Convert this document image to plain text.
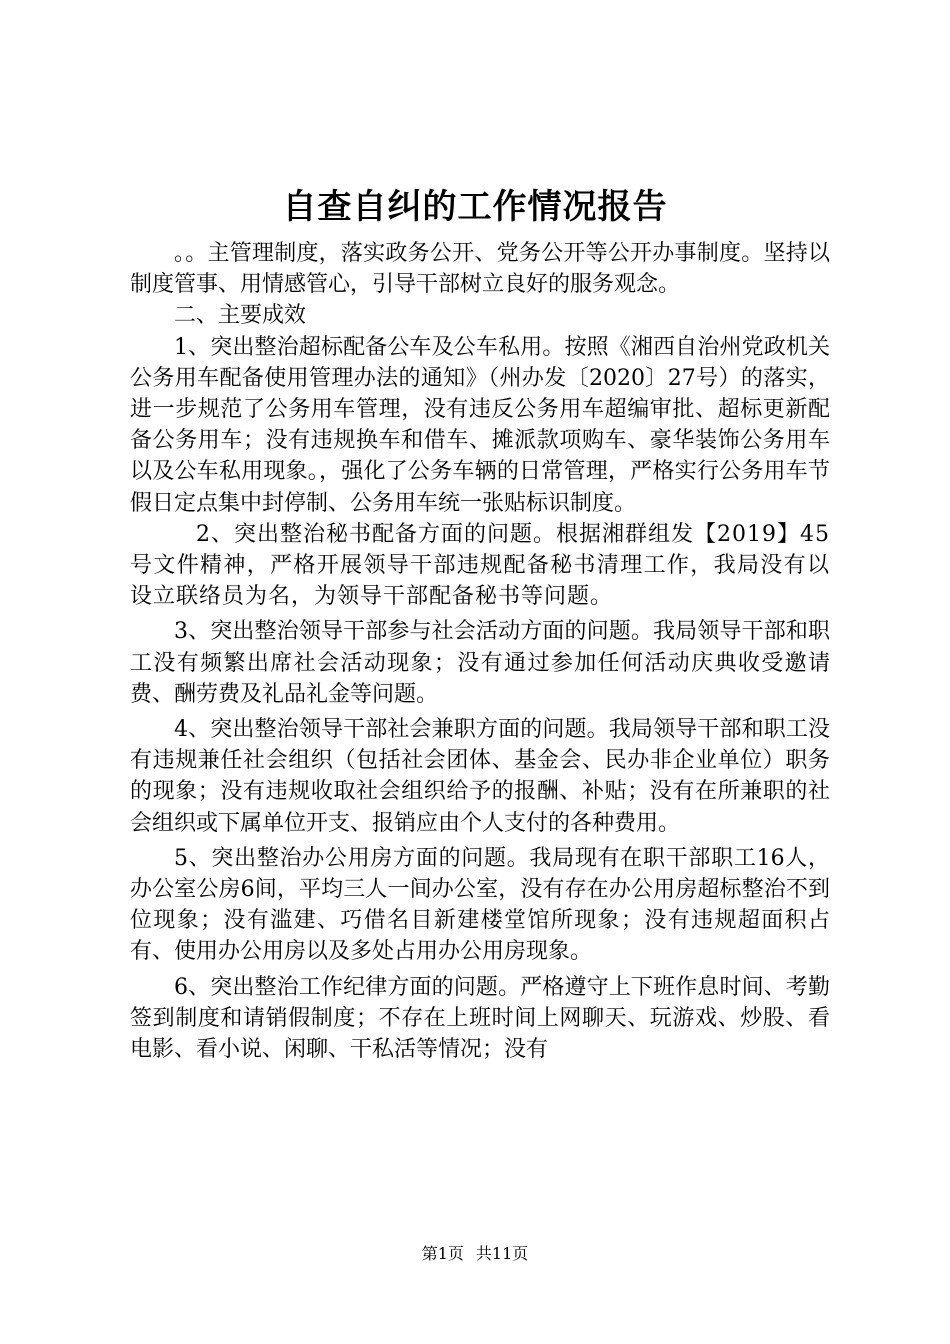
自查自纠的工作情况报告

。。主管理制度，落实政务公开、党务公开等公开办事制度。坚持以制度管事、用情感管心，引导干部树立良好的服务观念。

二、主要成效

1、突出整治超标配备公车及公车私用。按照《湘西自治州党政机关公务用车配备使用管理办法的通知》（州办发〔2020〕27号）的落实，进一步规范了公务用车管理，没有违反公务用车超编审批、超标更新配备公务用车；没有违规换车和借车、摊派款项购车、豪华装饰公务用车以及公车私用现象。，强化了公务车辆的日常管理，严格实行公务用车节假日定点集中封停制、公务用车统一张贴标识制度。

2、突出整治秘书配备方面的问题。根据湘群组发【2019】45号文件精神，严格开展领导干部违规配备秘书清理工作，我局没有以设立联络员为名，为领导干部配备秘书等问题。

3、突出整治领导干部参与社会活动方面的问题。我局领导干部和职工没有频繁出席社会活动现象；没有通过参加任何活动庆典收受邀请费、酬劳费及礼品礼金等问题。

4、突出整治领导干部社会兼职方面的问题。我局领导干部和职工没有违规兼任社会组织（包括社会团体、基金会、民办非企业单位）职务的现象；没有违规收取社会组织给予的报酬、补贴；没有在所兼职的社会组织或下属单位开支、报销应由个人支付的各种费用。

5、突出整治办公用房方面的问题。我局现有在职干部职工16人，办公室公房6间，平均三人一间办公室，没有存在办公用房超标整治不到位现象；没有滥建、巧借名目新建楼堂馆所现象；没有违规超面积占有、使用办公用房以及多处占用办公用房现象。

6、突出整治工作纪律方面的问题。严格遵守上下班作息时间、考勤签到制度和请销假制度；不存在上班时间上网聊天、玩游戏、炒股、看电影、看小说、闲聊、干私活等情况；没有

第1页 共11页
